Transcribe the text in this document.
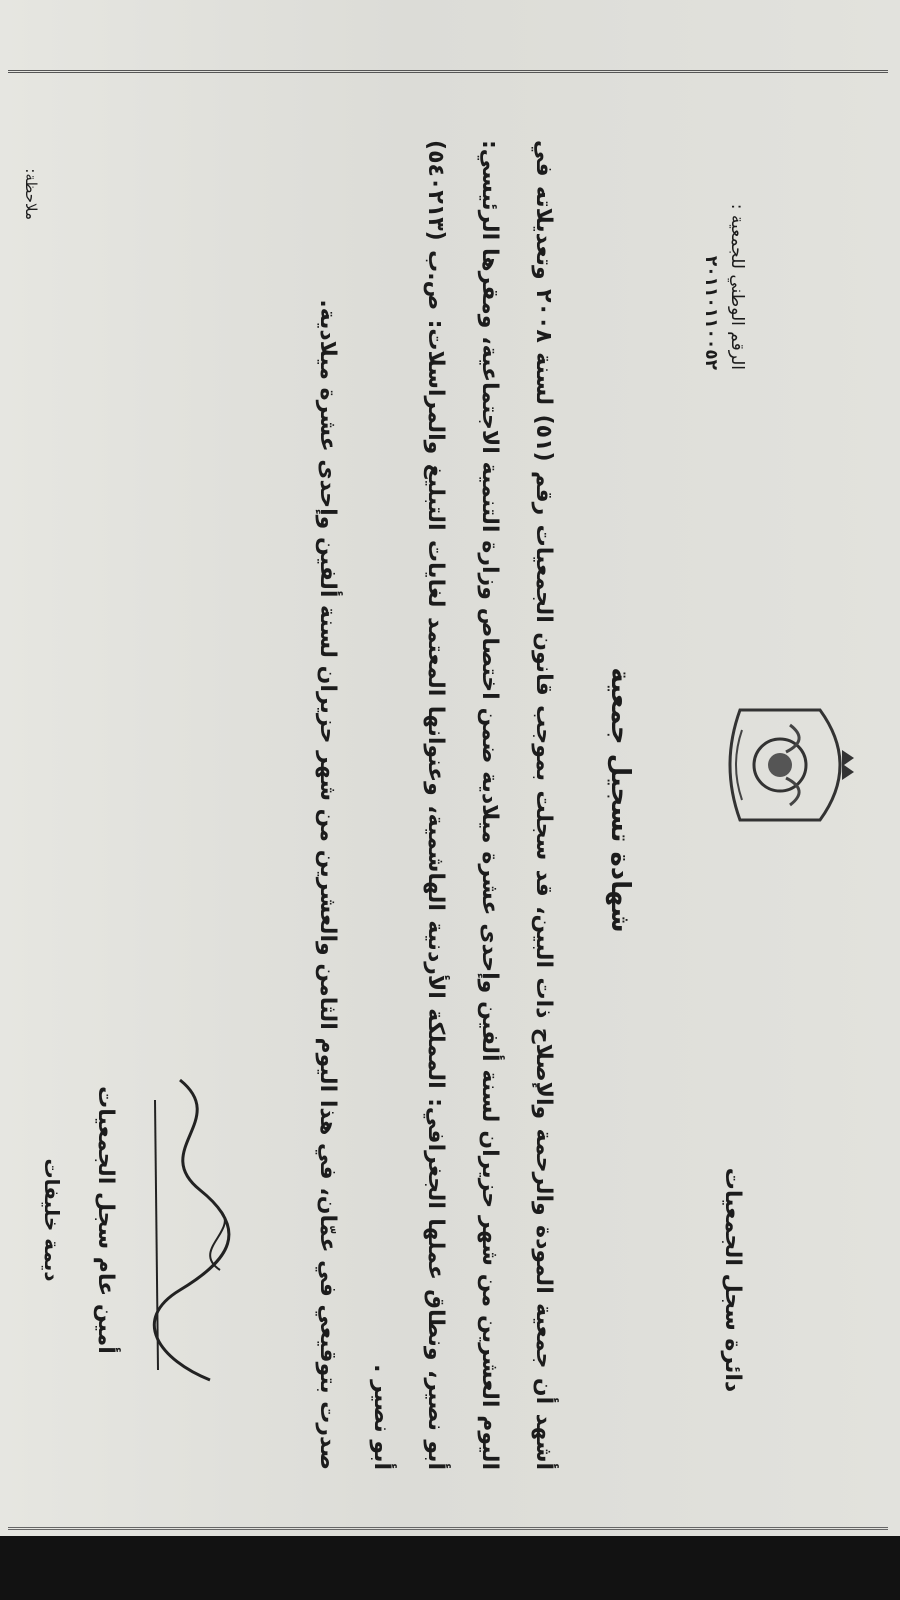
الرقم الوطني للجمعية :
٢٠١١٠١١٠٠٥٢
دائرة سجل الجمعيات
شهادة تسجيل جمعية

أشهد أن جمعية المودة والرحمة والإصلاح ذات البين، قد سجلت بموجب قانون الجمعيات رقم (٥١) لسنة ٢٠٠٨ وتعديلاته في اليوم العشرين من شهر حزيران لسنة ألفين وإحدى عشرة ميلادية ضمن اختصاص وزارة التنمية الاجتماعية، ومقرها الرئيسي: أبو نصير، ونطاق عملها الجغرافي: المملكة الأردنية الهاشمية، وعنوانها المعتمد لغايات التبليغ والمراسلات: ص.ب (٥٤٠٢١٣) أبو نصير .

صدرت بتوقيعي في عمّان، في هذا اليوم الثامن والعشرين من شهر حزيران لسنة ألفين وإحدى عشرة ميلادية.

ملاحظة:
أمين عام سجل الجمعيات
ديمة خليفات
